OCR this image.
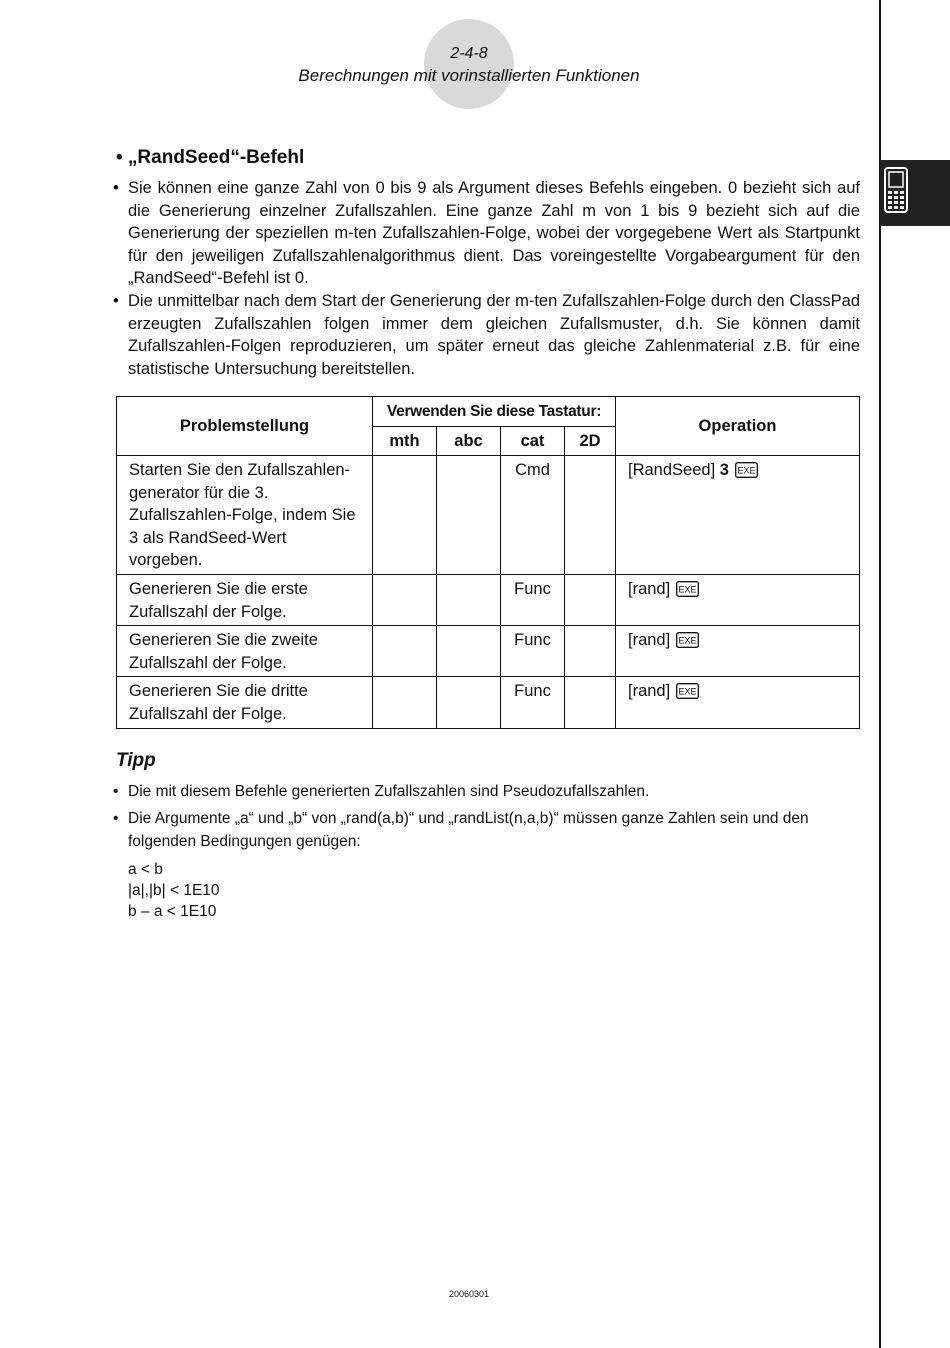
2-4-8
Berechnungen mit vorinstallierten Funktionen
• „RandSeed“-Befehl
• Sie können eine ganze Zahl von 0 bis 9 als Argument dieses Befehls eingeben. 0 bezieht sich auf die Generierung einzelner Zufallszahlen. Eine ganze Zahl m von 1 bis 9 bezieht sich auf die Generierung der speziellen m-ten Zufallszahlen-Folge, wobei der vorgegebene Wert als Startpunkt für den jeweiligen Zufallszahlenalgorithmus dient. Das voreingestellte Vorgabeargument für den „RandSeed“-Befehl ist 0.
• Die unmittelbar nach dem Start der Generierung der m-ten Zufallszahlen-Folge durch den ClassPad erzeugten Zufallszahlen folgen immer dem gleichen Zufallsmuster, d.h. Sie können damit Zufallszahlen-Folgen reproduzieren, um später erneut das gleiche Zahlenmaterial z.B. für eine statistische Untersuchung bereitstellen.
Problemstellung	Verwenden Sie diese Tastatur:				Operation
	mth	abc	cat	2D	

Starten Sie den Zufallszahlen-generator für die 3. Zufallszahlen-Folge, indem Sie 3 als RandSeed-Wert vorgeben.			Cmd		[RandSeed] 3 EXE

Generieren Sie die erste Zufallszahl der Folge.			Func		[rand] EXE

Generieren Sie die zweite Zufallszahl der Folge.			Func		[rand] EXE

Generieren Sie die dritte Zufallszahl der Folge.			Func		[rand] EXE
Tipp
• Die mit diesem Befehle generierten Zufallszahlen sind Pseudozufallszahlen.
• Die Argumente „a“ und „b“ von „rand(a,b)“ und „randList(n,a,b)“ müssen ganze Zahlen sein und den folgenden Bedingungen genügen:
a < b
|a|,|b| < 1E10
b – a < 1E10
20060301
